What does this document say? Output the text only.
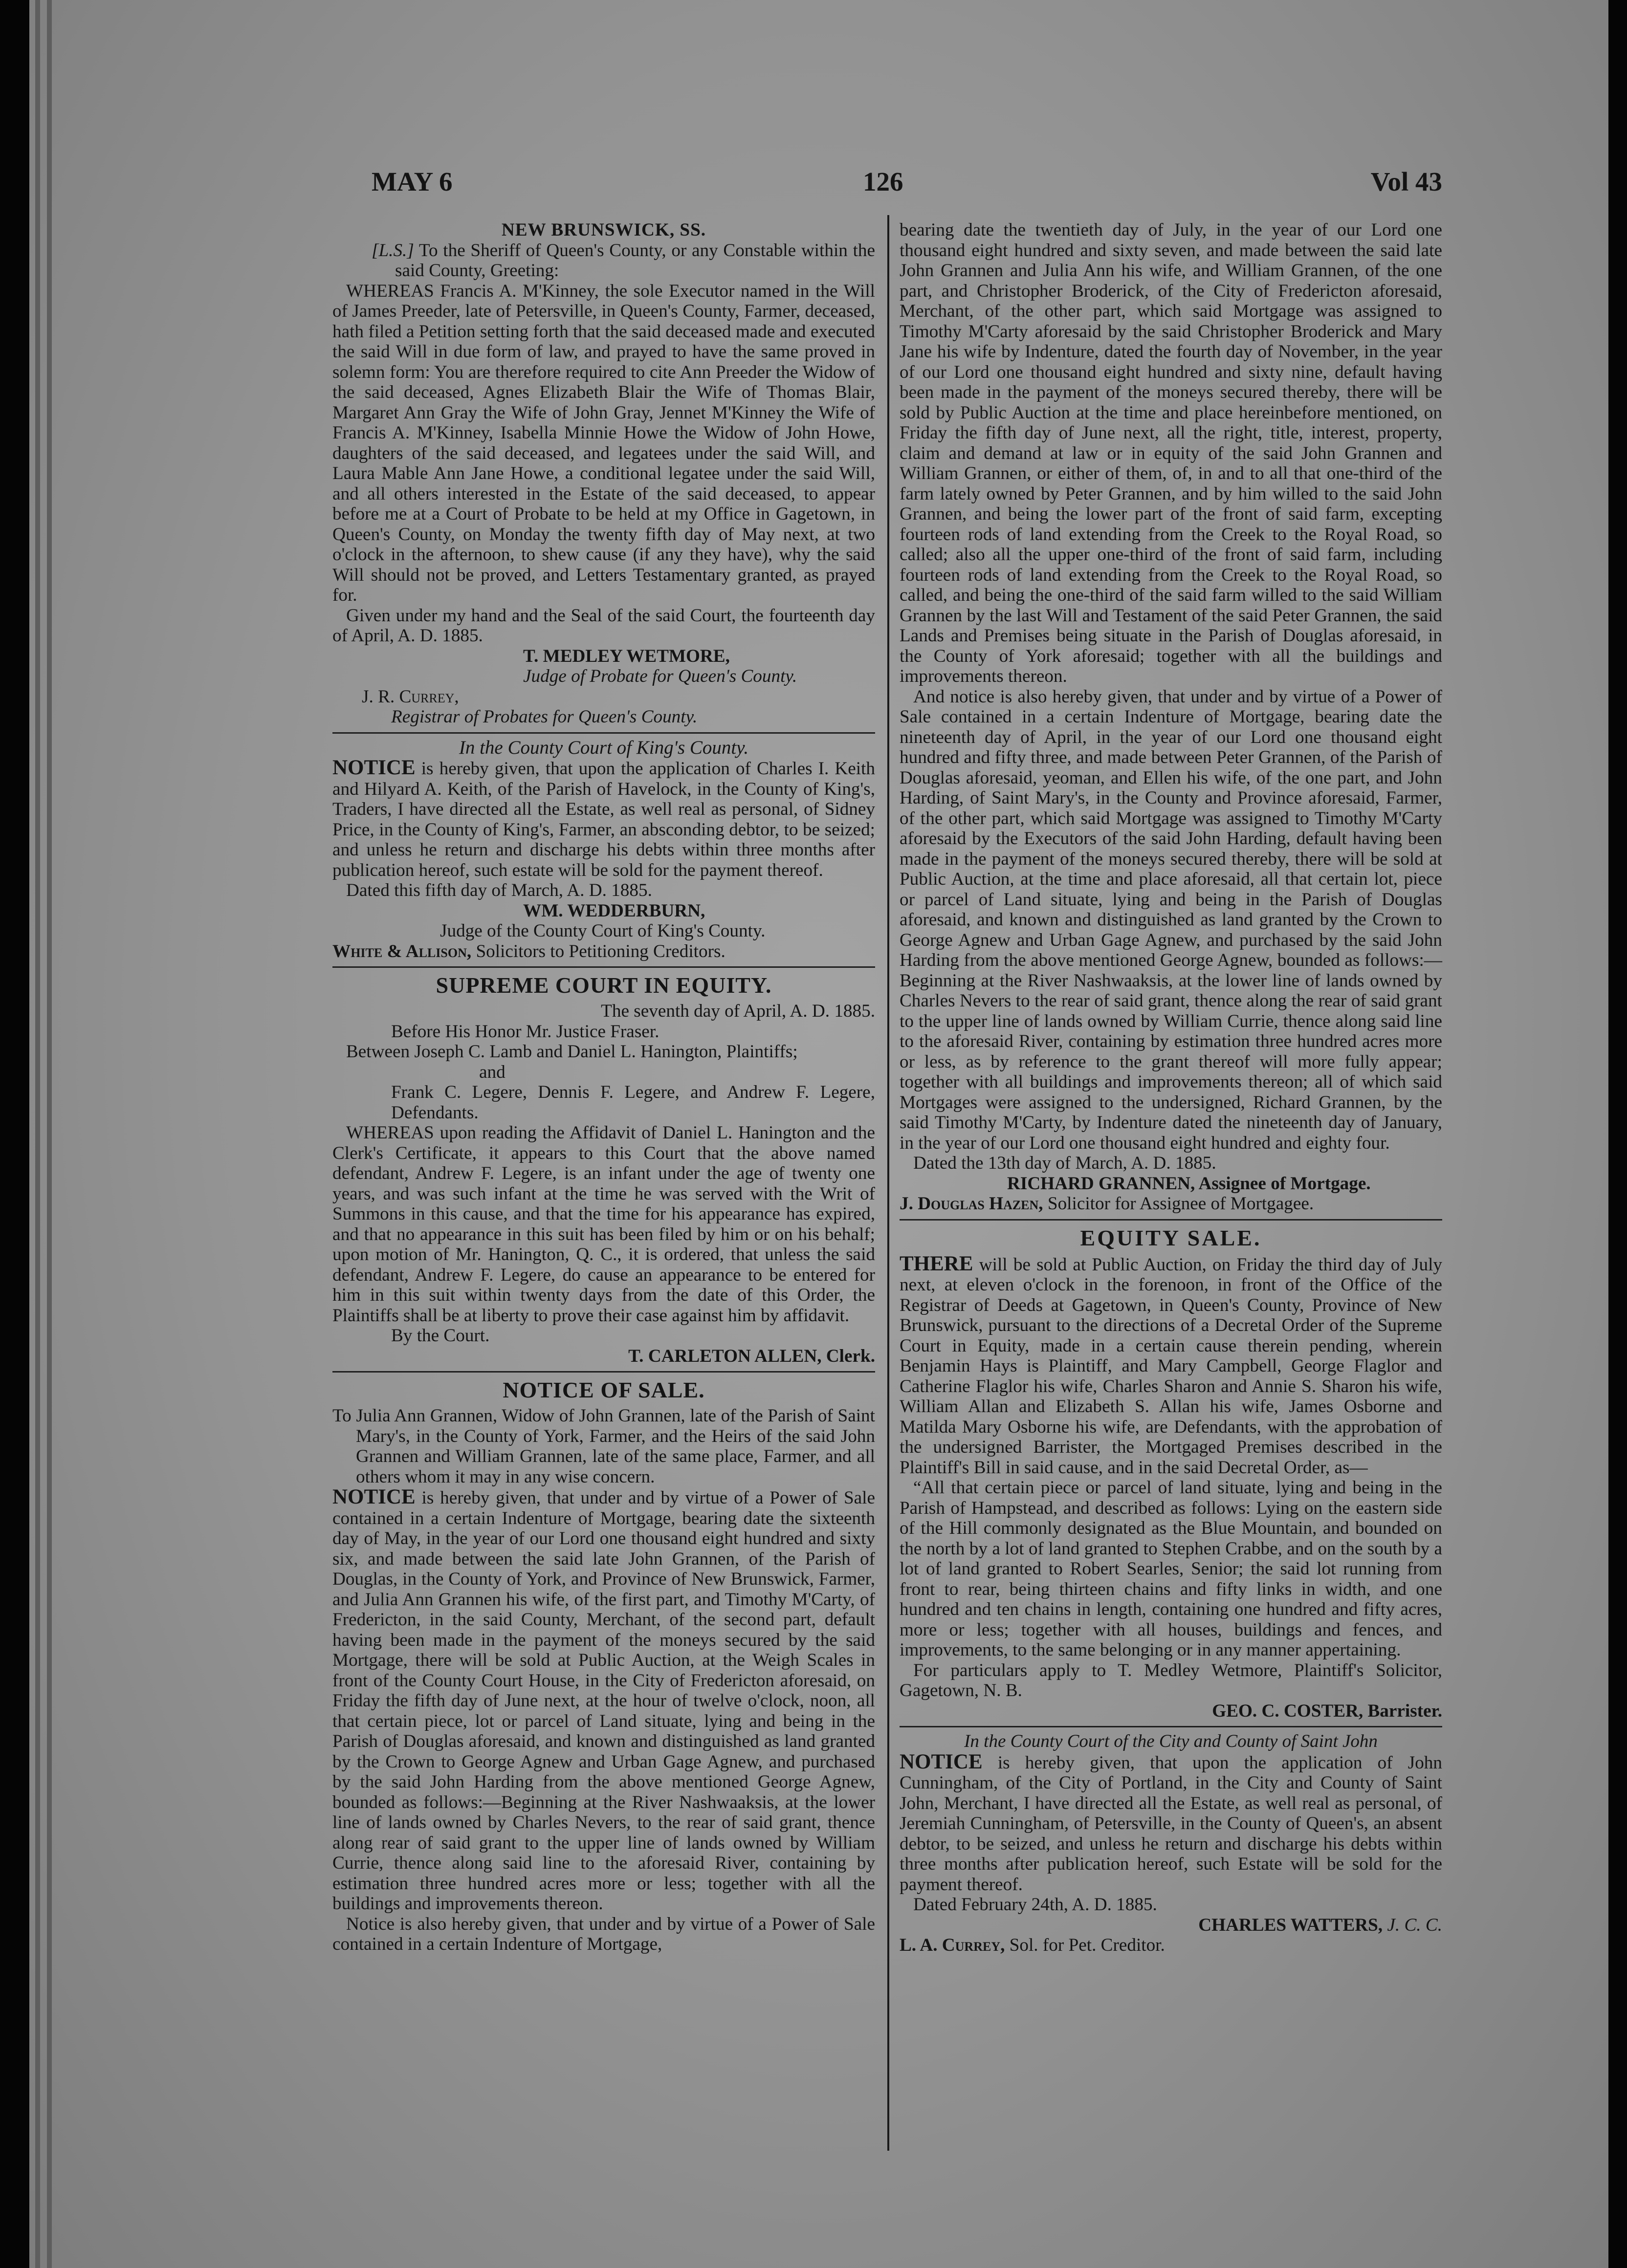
MAY 6	126	Vol 43

NEW BRUNSWICK, SS.

[L.S.] To the Sheriff of Queen's County, or any Constable within the said County, Greeting:

WHEREAS Francis A. M'Kinney, the sole Executor named in the Will of James Preeder, late of Petersville, in Queen's County, Farmer, deceased, hath filed a Petition setting forth that the said deceased made and executed the said Will in due form of law, and prayed to have the same proved in solemn form: You are therefore required to cite Ann Preeder the Widow of the said deceased, Agnes Elizabeth Blair the Wife of Thomas Blair, Margaret Ann Gray the Wife of John Gray, Jennet M'Kinney the Wife of Francis A. M'Kinney, Isabella Minnie Howe the Widow of John Howe, daughters of the said deceased, and legatees under the said Will, and Laura Mable Ann Jane Howe, a conditional legatee under the said Will, and all others interested in the Estate of the said deceased, to appear before me at a Court of Probate to be held at my Office in Gagetown, in Queen's County, on Monday the twenty fifth day of May next, at two o'clock in the afternoon, to shew cause (if any they have), why the said Will should not be proved, and Letters Testamentary granted, as prayed for.

Given under my hand and the Seal of the said Court, the fourteenth day of April, A. D. 1885.

T. MEDLEY WETMORE,

Judge of Probate for Queen's County.

J. R. Currey,

Registrar of Probates for Queen's County.

In the County Court of King's County.

NOTICE is hereby given, that upon the application of Charles I. Keith and Hilyard A. Keith, of the Parish of Havelock, in the County of King's, Traders, I have directed all the Estate, as well real as personal, of Sidney Price, in the County of King's, Farmer, an absconding debtor, to be seized; and unless he return and discharge his debts within three months after publication hereof, such estate will be sold for the payment thereof.

Dated this fifth day of March, A. D. 1885.

WM. WEDDERBURN,

Judge of the County Court of King's County.

White & Allison, Solicitors to Petitioning Creditors.

SUPREME COURT IN EQUITY.

The seventh day of April, A. D. 1885.

Before His Honor Mr. Justice Fraser.

Between Joseph C. Lamb and Daniel L. Hanington, Plaintiffs;

and

Frank C. Legere, Dennis F. Legere, and Andrew F. Legere, Defendants.

WHEREAS upon reading the Affidavit of Daniel L. Hanington and the Clerk's Certificate, it appears to this Court that the above named defendant, Andrew F. Legere, is an infant under the age of twenty one years, and was such infant at the time he was served with the Writ of Summons in this cause, and that the time for his appearance has expired, and that no appearance in this suit has been filed by him or on his behalf; upon motion of Mr. Hanington, Q. C., it is ordered, that unless the said defendant, Andrew F. Legere, do cause an appearance to be entered for him in this suit within twenty days from the date of this Order, the Plaintiffs shall be at liberty to prove their case against him by affidavit.

By the Court.

T. CARLETON ALLEN, Clerk.

NOTICE OF SALE.

To Julia Ann Grannen, Widow of John Grannen, late of the Parish of Saint Mary's, in the County of York, Farmer, and the Heirs of the said John Grannen and William Grannen, late of the same place, Farmer, and all others whom it may in any wise concern.

NOTICE is hereby given, that under and by virtue of a Power of Sale contained in a certain Indenture of Mortgage, bearing date the sixteenth day of May, in the year of our Lord one thousand eight hundred and sixty six, and made between the said late John Grannen, of the Parish of Douglas, in the County of York, and Province of New Brunswick, Farmer, and Julia Ann Grannen his wife, of the first part, and Timothy M'Carty, of Fredericton, in the said County, Merchant, of the second part, default having been made in the payment of the moneys secured by the said Mortgage, there will be sold at Public Auction, at the Weigh Scales in front of the County Court House, in the City of Fredericton aforesaid, on Friday the fifth day of June next, at the hour of twelve o'clock, noon, all that certain piece, lot or parcel of Land situate, lying and being in the Parish of Douglas aforesaid, and known and distinguished as land granted by the Crown to George Agnew and Urban Gage Agnew, and purchased by the said John Harding from the above mentioned George Agnew, bounded as follows:—Beginning at the River Nashwaaksis, at the lower line of lands owned by Charles Nevers, to the rear of said grant, thence along rear of said grant to the upper line of lands owned by William Currie, thence along said line to the aforesaid River, containing by estimation three hundred acres more or less; together with all the buildings and improvements thereon.

Notice is also hereby given, that under and by virtue of a Power of Sale contained in a certain Indenture of Mortgage,

bearing date the twentieth day of July, in the year of our Lord one thousand eight hundred and sixty seven, and made between the said late John Grannen and Julia Ann his wife, and William Grannen, of the one part, and Christopher Broderick, of the City of Fredericton aforesaid, Merchant, of the other part, which said Mortgage was assigned to Timothy M'Carty aforesaid by the said Christopher Broderick and Mary Jane his wife by Indenture, dated the fourth day of November, in the year of our Lord one thousand eight hundred and sixty nine, default having been made in the payment of the moneys secured thereby, there will be sold by Public Auction at the time and place hereinbefore mentioned, on Friday the fifth day of June next, all the right, title, interest, property, claim and demand at law or in equity of the said John Grannen and William Grannen, or either of them, of, in and to all that one-third of the farm lately owned by Peter Grannen, and by him willed to the said John Grannen, and being the lower part of the front of said farm, excepting fourteen rods of land extending from the Creek to the Royal Road, so called; also all the upper one-third of the front of said farm, including fourteen rods of land extending from the Creek to the Royal Road, so called, and being the one-third of the said farm willed to the said William Grannen by the last Will and Testament of the said Peter Grannen, the said Lands and Premises being situate in the Parish of Douglas aforesaid, in the County of York aforesaid; together with all the buildings and improvements thereon.

And notice is also hereby given, that under and by virtue of a Power of Sale contained in a certain Indenture of Mortgage, bearing date the nineteenth day of April, in the year of our Lord one thousand eight hundred and fifty three, and made between Peter Grannen, of the Parish of Douglas aforesaid, yeoman, and Ellen his wife, of the one part, and John Harding, of Saint Mary's, in the County and Province aforesaid, Farmer, of the other part, which said Mortgage was assigned to Timothy M'Carty aforesaid by the Executors of the said John Harding, default having been made in the payment of the moneys secured thereby, there will be sold at Public Auction, at the time and place aforesaid, all that certain lot, piece or parcel of Land situate, lying and being in the Parish of Douglas aforesaid, and known and distinguished as land granted by the Crown to George Agnew and Urban Gage Agnew, and purchased by the said John Harding from the above mentioned George Agnew, bounded as follows:—Beginning at the River Nashwaaksis, at the lower line of lands owned by Charles Nevers to the rear of said grant, thence along the rear of said grant to the upper line of lands owned by William Currie, thence along said line to the aforesaid River, containing by estimation three hundred acres more or less, as by reference to the grant thereof will more fully appear; together with all buildings and improvements thereon; all of which said Mortgages were assigned to the undersigned, Richard Grannen, by the said Timothy M'Carty, by Indenture dated the nineteenth day of January, in the year of our Lord one thousand eight hundred and eighty four.

Dated the 13th day of March, A. D. 1885.

RICHARD GRANNEN, Assignee of Mortgage.

J. Douglas Hazen, Solicitor for Assignee of Mortgagee.

EQUITY SALE.

THERE will be sold at Public Auction, on Friday the third day of July next, at eleven o'clock in the forenoon, in front of the Office of the Registrar of Deeds at Gagetown, in Queen's County, Province of New Brunswick, pursuant to the directions of a Decretal Order of the Supreme Court in Equity, made in a certain cause therein pending, wherein Benjamin Hays is Plaintiff, and Mary Campbell, George Flaglor and Catherine Flaglor his wife, Charles Sharon and Annie S. Sharon his wife, William Allan and Elizabeth S. Allan his wife, James Osborne and Matilda Mary Osborne his wife, are Defendants, with the approbation of the undersigned Barrister, the Mortgaged Premises described in the Plaintiff's Bill in said cause, and in the said Decretal Order, as—

“All that certain piece or parcel of land situate, lying and being in the Parish of Hampstead, and described as follows: Lying on the eastern side of the Hill commonly designated as the Blue Mountain, and bounded on the north by a lot of land granted to Stephen Crabbe, and on the south by a lot of land granted to Robert Searles, Senior; the said lot running from front to rear, being thirteen chains and fifty links in width, and one hundred and ten chains in length, containing one hundred and fifty acres, more or less; together with all houses, buildings and fences, and improvements, to the same belonging or in any manner appertaining.

For particulars apply to T. Medley Wetmore, Plaintiff's Solicitor, Gagetown, N. B.

GEO. C. COSTER, Barrister.

In the County Court of the City and County of Saint John

NOTICE is hereby given, that upon the application of John Cunningham, of the City of Portland, in the City and County of Saint John, Merchant, I have directed all the Estate, as well real as personal, of Jeremiah Cunningham, of Petersville, in the County of Queen's, an absent debtor, to be seized, and unless he return and discharge his debts within three months after publication hereof, such Estate will be sold for the payment thereof.

Dated February 24th, A. D. 1885.

CHARLES WATTERS, J. C. C.

L. A. Currey, Sol. for Pet. Creditor.
